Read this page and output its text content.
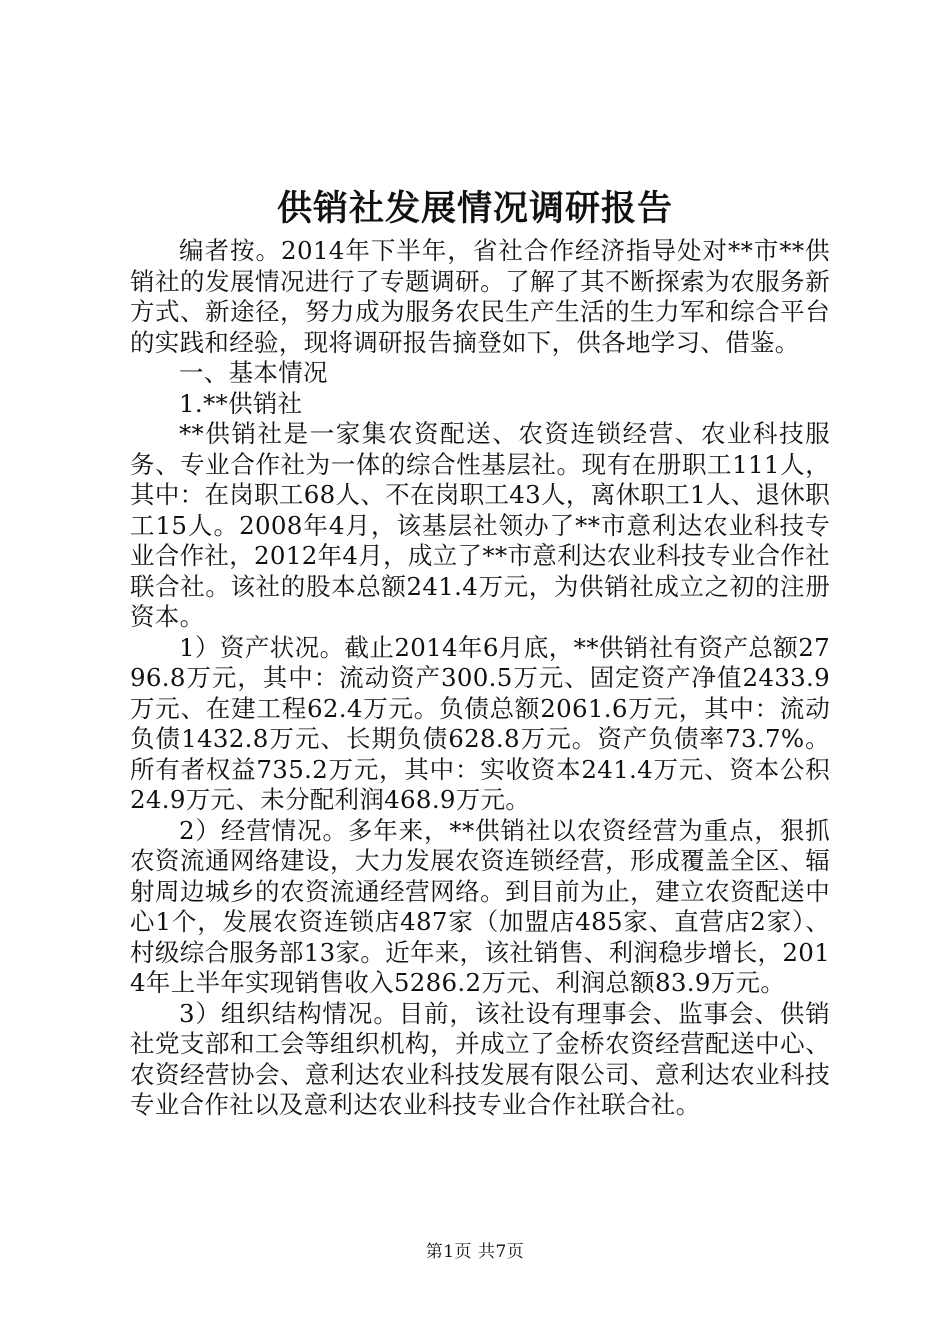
供销社发展情况调研报告

编者按。2014年下半年，省社合作经济指导处对**市**供销社的发展情况进行了专题调研。了解了其不断探索为农服务新方式、新途径，努力成为服务农民生产生活的生力军和综合平台的实践和经验，现将调研报告摘登如下，供各地学习、借鉴。

一、基本情况

1.**供销社

**供销社是一家集农资配送、农资连锁经营、农业科技服务、专业合作社为一体的综合性基层社。现有在册职工111人，其中：在岗职工68人、不在岗职工43人，离休职工1人、退休职工15人。2008年4月，该基层社领办了**市意利达农业科技专业合作社，2012年4月，成立了**市意利达农业科技专业合作社联合社。该社的股本总额241.4万元，为供销社成立之初的注册资本。

1）资产状况。截止2014年6月底，**供销社有资产总额2796.8万元，其中：流动资产300.5万元、固定资产净值2433.9万元、在建工程62.4万元。负债总额2061.6万元，其中：流动负债1432.8万元、长期负债628.8万元。资产负债率73.7%。所有者权益735.2万元，其中：实收资本241.4万元、资本公积24.9万元、未分配利润468.9万元。

2）经营情况。多年来，**供销社以农资经营为重点，狠抓农资流通网络建设，大力发展农资连锁经营，形成覆盖全区、辐射周边城乡的农资流通经营网络。到目前为止，建立农资配送中心1个，发展农资连锁店487家（加盟店485家、直营店2家）、村级综合服务部13家。近年来，该社销售、利润稳步增长，2014年上半年实现销售收入5286.2万元、利润总额83.9万元。

3）组织结构情况。目前，该社设有理事会、监事会、供销社党支部和工会等组织机构，并成立了金桥农资经营配送中心、农资经营协会、意利达农业科技发展有限公司、意利达农业科技专业合作社以及意利达农业科技专业合作社联合社。

第1页 共7页
